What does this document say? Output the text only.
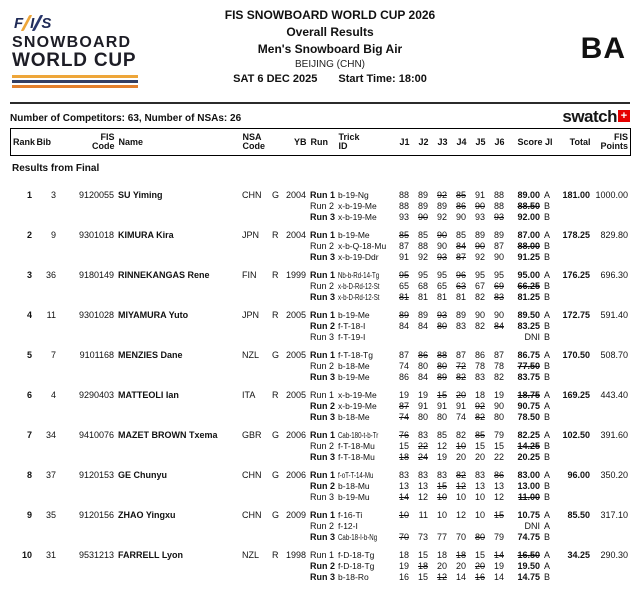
F I S
SNOWBOARD
WORLD CUP
FIS SNOWBOARD WORLD CUP 2026
Overall Results
Men's Snowboard Big Air
BEIJING (CHN)
SAT 6 DEC 2025 Start Time: 18:00
BA
Number of Competitors: 63, Number of NSAs: 26	swatch +
Rank	Bib	FIS
Code	Name	NSA
Code		YB	Run	Trick
ID	J1	J2	J3	J4	J5	J6	Score Jl	Total	FIS
Points
Results from Final
1	3	9120055	SU Yiming	CHN	G	2004	Run 1	b-19-Ng	88	89	92	85	91	88	89.00	A	181.00	1000.00
							Run 2	x-b-19-Me	88	89	89	86	90	88	88.50	B		
							Run 3	x-b-19-Me	93	90	92	90	93	93	92.00	B		
2	9	9301018	KIMURA Kira	JPN	R	2004	Run 1	b-19-Me	85	85	90	85	89	89	87.00	A	178.25	829.80
							Run 2	x-b-Q-18-Mu	87	88	90	84	90	87	88.00	B		
							Run 3	x-b-19-Ddr	91	92	93	87	92	90	91.25	B		
3	36	9180149	RINNEKANGAS Rene	FIN	R	1999	Run 1	Nb-b-Rd-14-Tg	95	95	95	96	95	95	95.00	A	176.25	696.30
							Run 2	x-b-D-Rd-12-St	65	68	65	63	67	69	66.25	B		
							Run 3	x-b-D-Rd-12-St	81	81	81	81	82	83	81.25	B		
4	11	9301028	MIYAMURA Yuto	JPN	R	2005	Run 1	b-19-Me	89	89	93	89	90	90	89.50	A	172.75	591.40
							Run 2	f-T-18-I	84	84	80	83	82	84	83.25	B		
							Run 3	f-T-19-I							DNI	B		
5	7	9101168	MENZIES Dane	NZL	G	2005	Run 1	f-T-18-Tg	87	86	88	87	86	87	86.75	A	170.50	508.70
							Run 2	b-18-Me	74	80	80	72	78	78	77.50	B		
							Run 3	b-19-Me	86	84	89	82	83	82	83.75	B		
6	4	9290403	MATTEOLI Ian	ITA	R	2005	Run 1	x-b-19-Me	19	19	15	20	18	19	18.75	A	169.25	443.40
							Run 2	x-b-19-Me	87	91	91	91	92	90	90.75	A		
							Run 3	b-18-Me	74	80	80	74	82	80	78.50	B		
7	34	9410076	MAZET BROWN Txema	GBR	G	2006	Run 1	Cab-180-t-b-Tr	76	83	85	82	85	79	82.25	A	102.50	391.60
							Run 2	f-T-18-Mu	15	22	12	10	15	15	14.25	B		
							Run 3	f-T-18-Mu	18	24	19	20	20	22	20.25	B		
8	37	9120153	GE Chunyu	CHN	G	2006	Run 1	f-oT-T-14-Mu	83	83	83	82	83	86	83.00	A	96.00	350.20
							Run 2	b-18-Mu	13	13	15	12	13	13	13.00	B		
							Run 3	b-19-Mu	14	12	10	10	10	12	11.00	B		
9	35	9120156	ZHAO Yingxu	CHN	G	2009	Run 1	f-16-Ti	10	11	10	12	10	15	10.75	A	85.50	317.10
							Run 2	f-12-I							DNI	A		
							Run 3	Cab-18-I-b-Ng	70	73	77	70	80	79	74.75	B		
10	31	9531213	FARRELL Lyon	NZL	R	1998	Run 1	f-D-18-Tg	18	15	18	18	15	14	16.50	A	34.25	290.30
							Run 2	f-D-18-Tg	19	18	20	20	20	19	19.50	A		
							Run 3	b-18-Ro	16	15	12	14	16	14	14.75	B		
